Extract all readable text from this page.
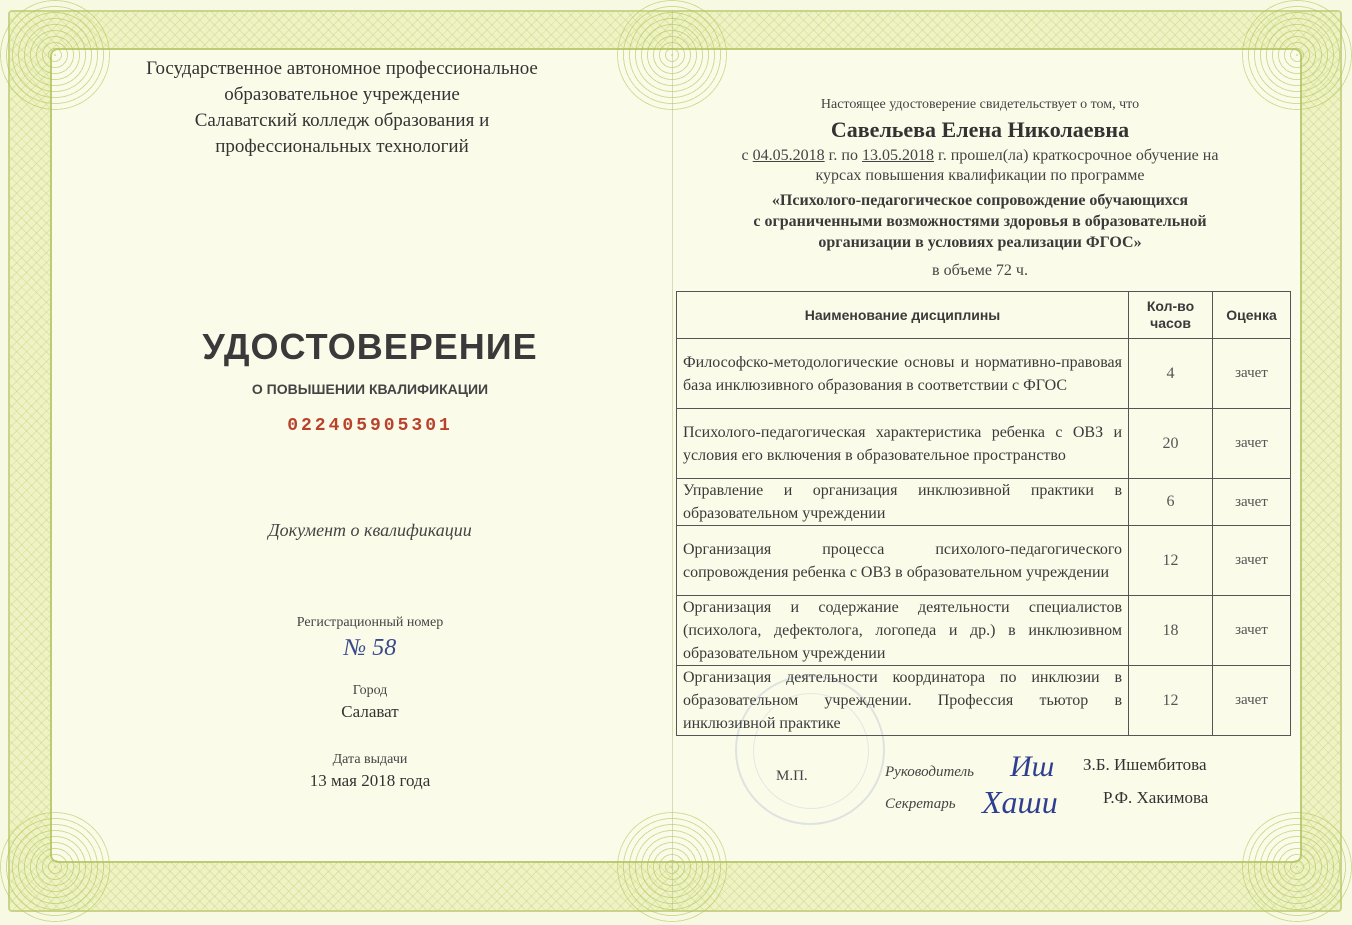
Государственное автономное профессиональное
образовательное учреждение
Салаватский колледж образования и
профессиональных технологий
УДОСТОВЕРЕНИЕ
О ПОВЫШЕНИИ КВАЛИФИКАЦИИ
022405905301
Документ о квалификации
Регистрационный номер
№ 58
Город
Салават
Дата выдачи
13 мая 2018 года
Настоящее удостоверение свидетельствует о том, что
Савельева Елена Николаевна
с 04.05.2018 г. по 13.05.2018 г. прошел(ла) краткосрочное обучение на
курсах повышения квалификации по программе
«Психолого-педагогическое сопровождение обучающихся
с ограниченными возможностями здоровья в образовательной
организации в условиях реализации ФГОС»
в объеме 72 ч.
Наименование дисциплины	Кол-во часов	Оценка
Философско-методологические основы и нормативно-правовая база инклюзивного образования в соответствии с ФГОС	4	зачет
Психолого-педагогическая характеристика ребенка с ОВЗ и условия его включения в образовательное пространство	20	зачет
Управление и организация инклюзивной практики в образовательном учреждении	6	зачет
Организация процесса психолого-педагогического сопровождения ребенка с ОВЗ в образовательном учреждении	12	зачет
Организация и содержание деятельности специалистов (психолога, дефектолога, логопеда и др.) в инклюзивном образовательном учреждении	18	зачет
Организация деятельности координатора по инклюзии в образовательном учреждении. Профессия тьютор в инклюзивной практике	12	зачет
М.П.	Руководитель Иш З.Б. Ишембитова
Секретарь Хаши	Р.Ф. Хакимова
